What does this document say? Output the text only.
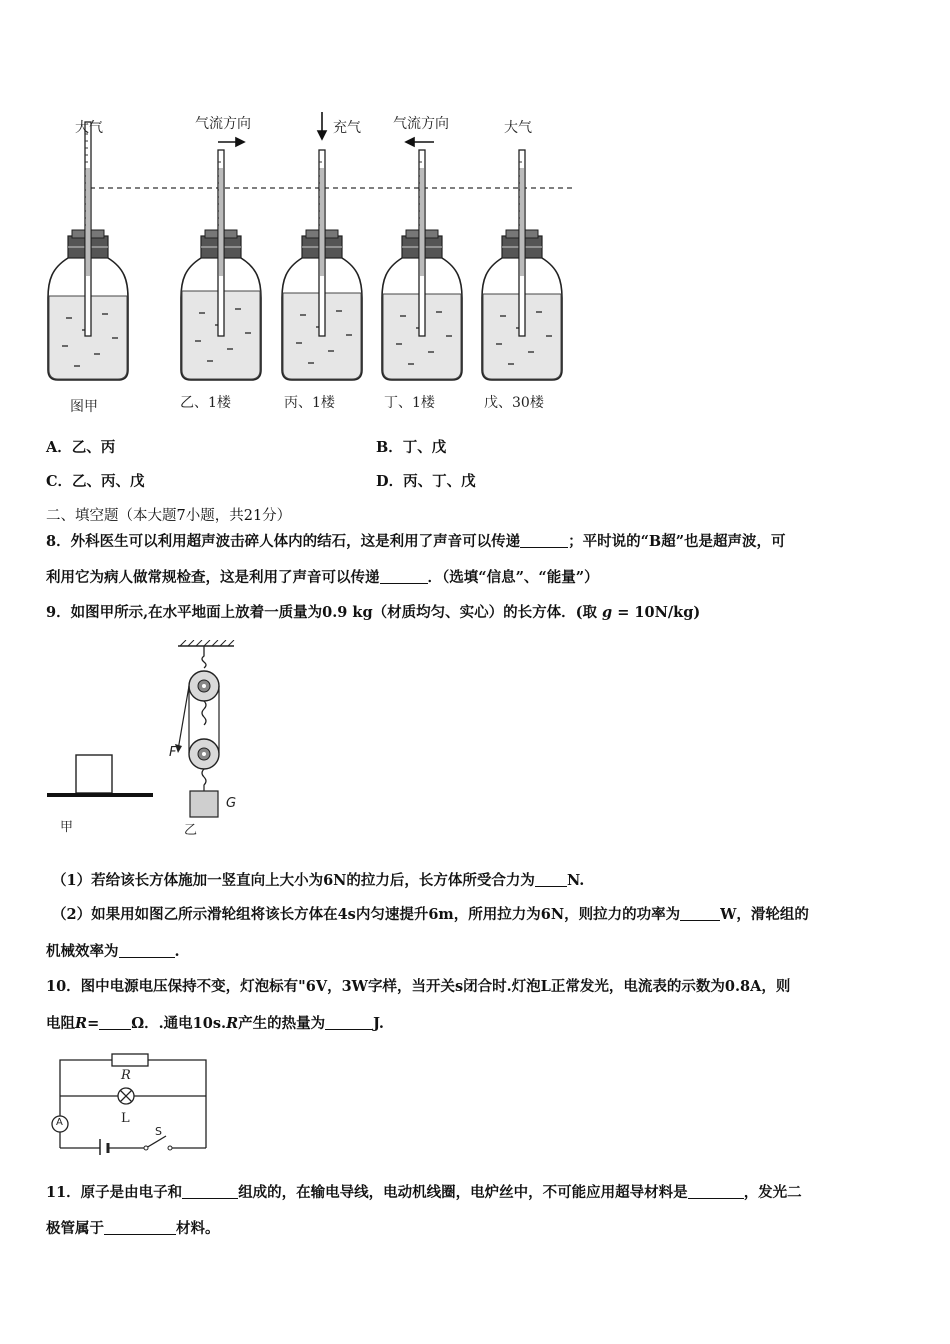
大气	气流方向	充气 气流方向	大气
图甲	乙、1楼	丙、1楼	丁、1楼	戊、30楼
A．乙、丙	B．丁、戊
C．乙、丙、戊	D．丙、丁、戊
二、填空题（本大题7小题，共21分）
8．外科医生可以利用超声波击碎人体内的结石，这是利用了声音可以传递	；平时说的“B超”也是超声波，可
利用它为病人做常规检查，这是利用了声音可以传递	．（选填“信息”、“能量”）
9．如图甲所示,在水平地面上放着一质量为0.9 kg（材质均匀、实心）的长方体．(取 g = 10N/kg)
甲
F
G
乙
（1）若给该长方体施加一竖直向上大小为6N的拉力后，长方体所受合力为 N.
（2）如果用如图乙所示滑轮组将该长方体在4s内匀速提升6m，所用拉力为6N，则拉力的功率为	W，滑轮组的
机械效率为	.
10．图中电源电压保持不变，灯泡标有"6V，3W字样，当开关s闭合时.灯泡L正常发光，电流表的示数为0.8A，则
电阻R= Ω．.通电10s.R产生的热量为	J.
R
L
A
S
11．原子是由电子和	组成的，在输电导线，电动机线圈，电炉丝中，不可能应用超导材料是	，发光二
极管属于	材料。
